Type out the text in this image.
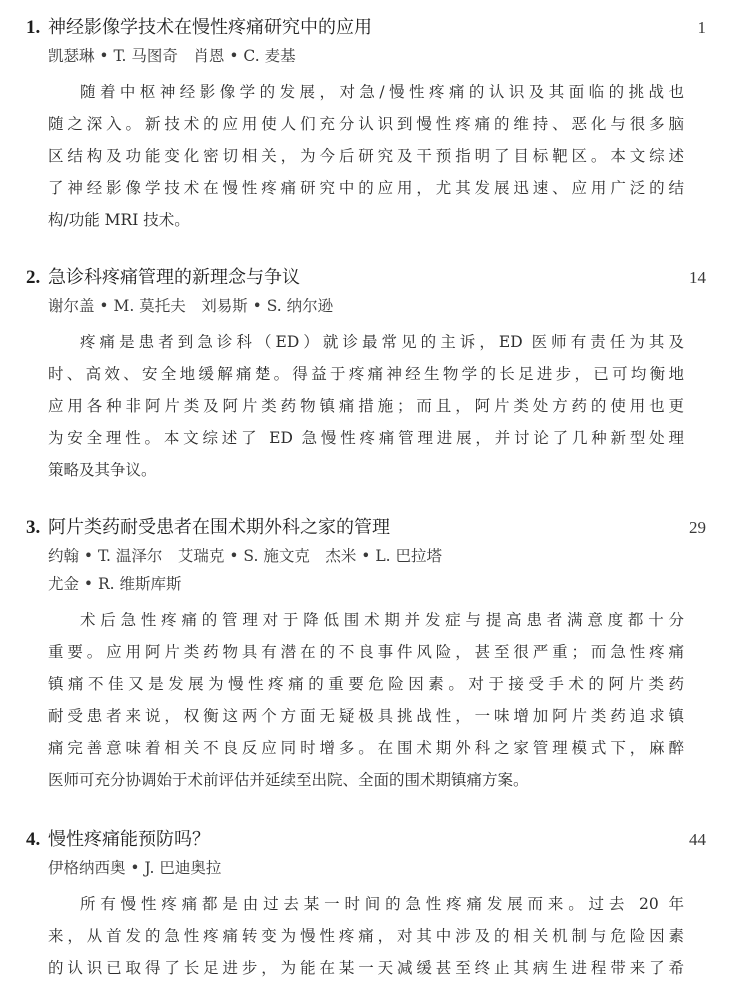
1. 神经影像学技术在慢性疼痛研究中的应用	1
凯瑟琳 • T. 马图奇　肖恩 • C. 麦基
随着中枢神经影像学的发展，对急/慢性疼痛的认识及其面临的挑战也
随之深入。新技术的应用使人们充分认识到慢性疼痛的维持、恶化与很多脑
区结构及功能变化密切相关，为今后研究及干预指明了目标靶区。本文综述
了神经影像学技术在慢性疼痛研究中的应用，尤其发展迅速、应用广泛的结
构/功能 MRI 技术。
2. 急诊科疼痛管理的新理念与争议	14
谢尔盖 • M. 莫托夫　刘易斯 • S. 纳尔逊
疼痛是患者到急诊科（ED）就诊最常见的主诉，ED 医师有责任为其及
时、高效、安全地缓解痛楚。得益于疼痛神经生物学的长足进步，已可均衡地
应用各种非阿片类及阿片类药物镇痛措施；而且，阿片类处方药的使用也更
为安全理性。本文综述了 ED 急慢性疼痛管理进展，并讨论了几种新型处理
策略及其争议。
3. 阿片类药耐受患者在围术期外科之家的管理	29
约翰 • T. 温泽尔　艾瑞克 • S. 施文克　杰米 • L. 巴拉塔
尤金 • R. 维斯库斯
术后急性疼痛的管理对于降低围术期并发症与提高患者满意度都十分
重要。应用阿片类药物具有潜在的不良事件风险，甚至很严重；而急性疼痛
镇痛不佳又是发展为慢性疼痛的重要危险因素。对于接受手术的阿片类药
耐受患者来说，权衡这两个方面无疑极具挑战性，一味增加阿片类药追求镇
痛完善意味着相关不良反应同时增多。在围术期外科之家管理模式下，麻醉
医师可充分协调始于术前评估并延续至出院、全面的围术期镇痛方案。
4. 慢性疼痛能预防吗？	44
伊格纳西奥 • J. 巴迪奥拉
所有慢性疼痛都是由过去某一时间的急性疼痛发展而来。过去 20 年
来，从首发的急性疼痛转变为慢性疼痛，对其中涉及的相关机制与危险因素
的认识已取得了长足进步，为能在某一天减缓甚至终止其病生进程带来了希
